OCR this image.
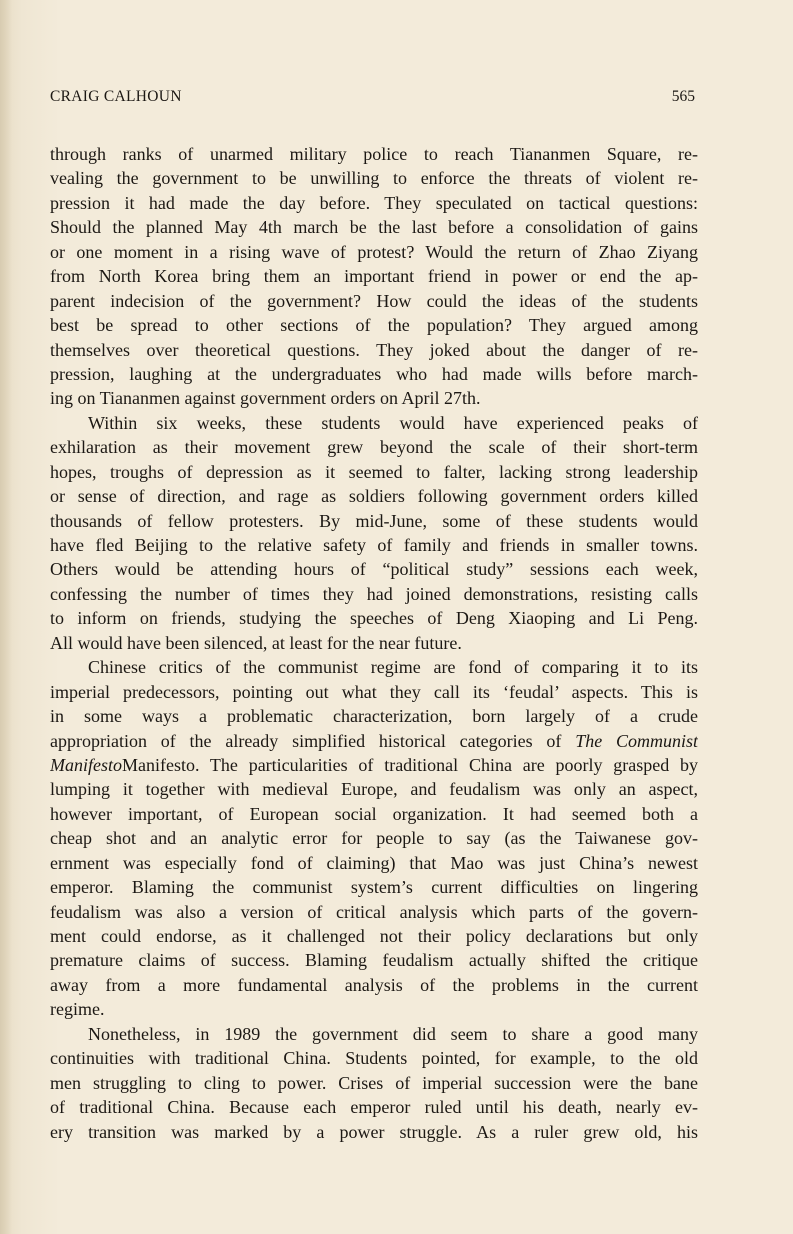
CRAIG CALHOUN	565
through ranks of unarmed military police to reach Tiananmen Square, re-
vealing the government to be unwilling to enforce the threats of violent re-
pression it had made the day before. They speculated on tactical questions:
Should the planned May 4th march be the last before a consolidation of gains
or one moment in a rising wave of protest? Would the return of Zhao Ziyang
from North Korea bring them an important friend in power or end the ap-
parent indecision of the government? How could the ideas of the students
best be spread to other sections of the population? They argued among
themselves over theoretical questions. They joked about the danger of re-
pression, laughing at the undergraduates who had made wills before march-
ing on Tiananmen against government orders on April 27th.
Within six weeks, these students would have experienced peaks of
exhilaration as their movement grew beyond the scale of their short-term
hopes, troughs of depression as it seemed to falter, lacking strong leadership
or sense of direction, and rage as soldiers following government orders killed
thousands of fellow protesters. By mid-June, some of these students would
have fled Beijing to the relative safety of family and friends in smaller towns.
Others would be attending hours of “political study” sessions each week,
confessing the number of times they had joined demonstrations, resisting calls
to inform on friends, studying the speeches of Deng Xiaoping and Li Peng.
All would have been silenced, at least for the near future.
Chinese critics of the communist regime are fond of comparing it to its
imperial predecessors, pointing out what they call its ‘feudal’ aspects. This is
in some ways a problematic characterization, born largely of a crude
appropriation of the already simplified historical categories of The Communist
ManifestoManifesto. The particularities of traditional China are poorly grasped by
lumping it together with medieval Europe, and feudalism was only an aspect,
however important, of European social organization. It had seemed both a
cheap shot and an analytic error for people to say (as the Taiwanese gov-
ernment was especially fond of claiming) that Mao was just China’s newest
emperor. Blaming the communist system’s current difficulties on lingering
feudalism was also a version of critical analysis which parts of the govern-
ment could endorse, as it challenged not their policy declarations but only
premature claims of success. Blaming feudalism actually shifted the critique
away from a more fundamental analysis of the problems in the current
regime.
Nonetheless, in 1989 the government did seem to share a good many
continuities with traditional China. Students pointed, for example, to the old
men struggling to cling to power. Crises of imperial succession were the bane
of traditional China. Because each emperor ruled until his death, nearly ev-
ery transition was marked by a power struggle. As a ruler grew old, his
